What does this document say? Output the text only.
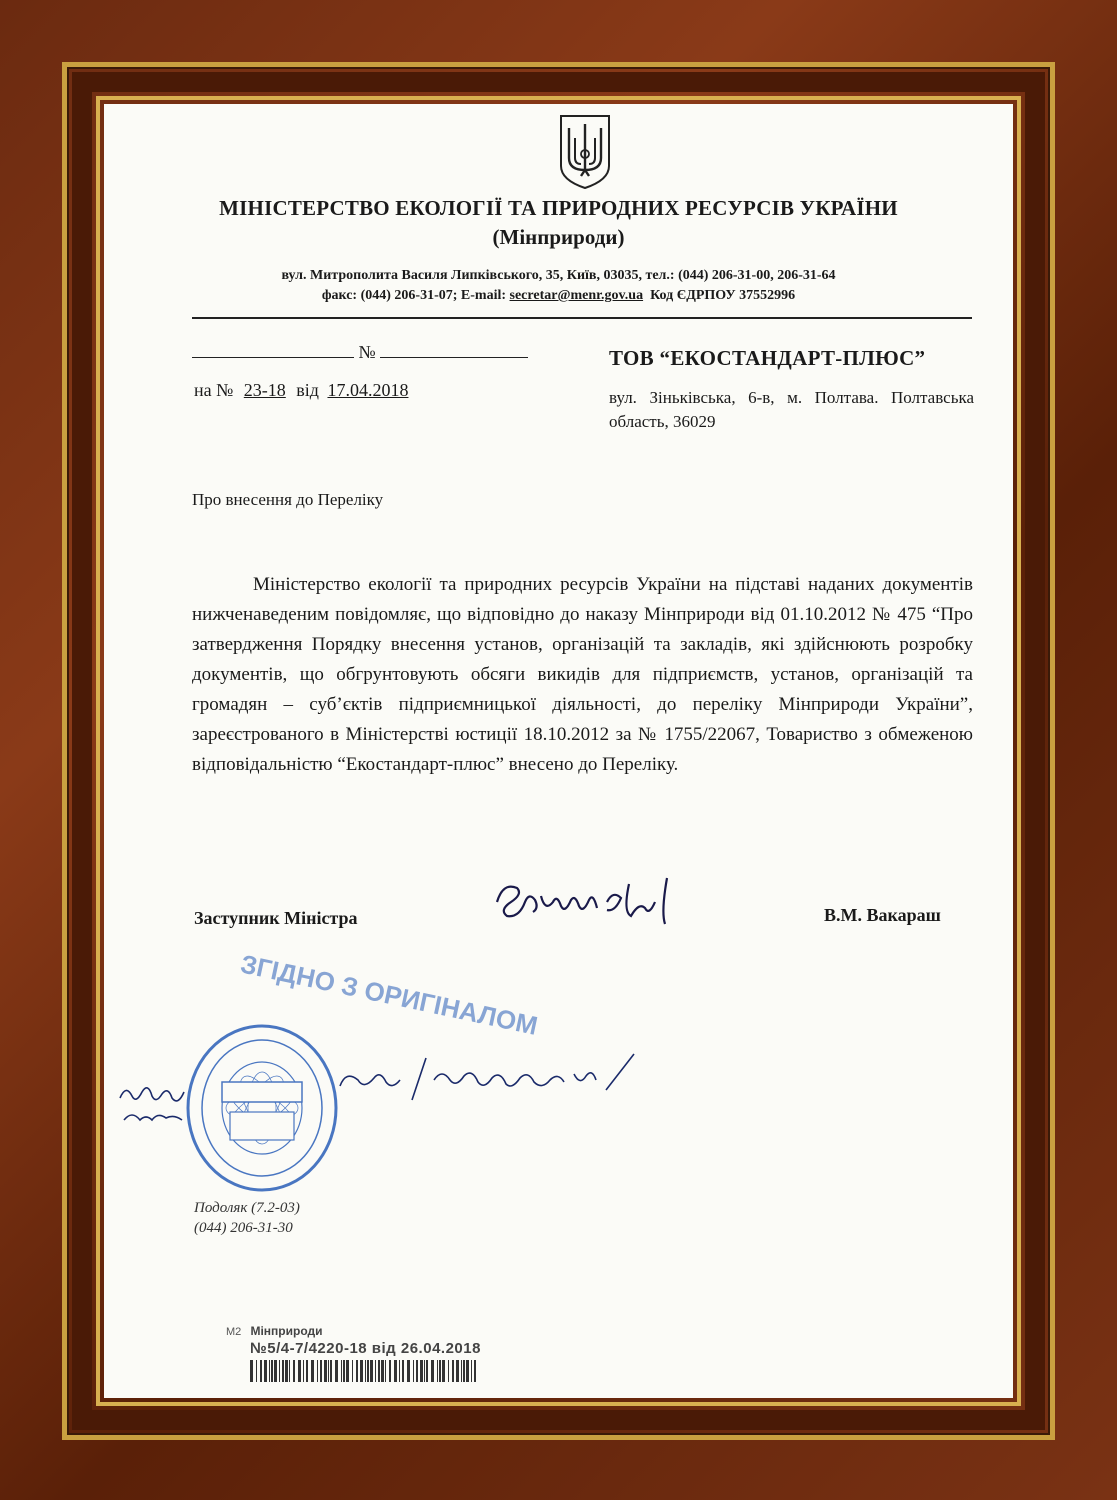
МІНІСТЕРСТВО ЕКОЛОГІЇ ТА ПРИРОДНИХ РЕСУРСІВ УКРАЇНИ
(Мінприроди)
вул. Митрополита Василя Липківського, 35, Київ, 03035, тел.: (044) 206-31-00, 206-31-64
факс: (044) 206-31-07; E-mail: secretar@menr.gov.ua Код ЄДРПОУ 37552996
№
на № 23-18 від 17.04.2018
ТОВ “ЕКОСТАНДАРТ-ПЛЮС”
вул. Зіньківська, 6-в, м. Полтава. Полтавська область, 36029
Про внесення до Переліку
Міністерство екології та природних ресурсів України на підставі наданих документів нижченаведеним повідомляє, що відповідно до наказу Мінприроди від 01.10.2012 № 475 “Про затвердження Порядку внесення установ, організацій та закладів, які здійснюють розробку документів, що обгрунтовують обсяги викидів для підприємств, установ, організацій та громадян – суб’єктів підприємницької діяльності, до переліку Мінприроди України”, зареєстрованого в Міністерстві юстиції 18.10.2012 за № 1755/22067, Товариство з обмеженою відповідальністю “Екостандарт-плюс” внесено до Переліку.
Заступник Міністра	В.М. Вакараш
ЗГІДНО З ОРИГІНАЛОМ
Подоляк (7.2-03)
(044) 206-31-30
М2 Мінприроди
№5/4-7/4220-18 від 26.04.2018
